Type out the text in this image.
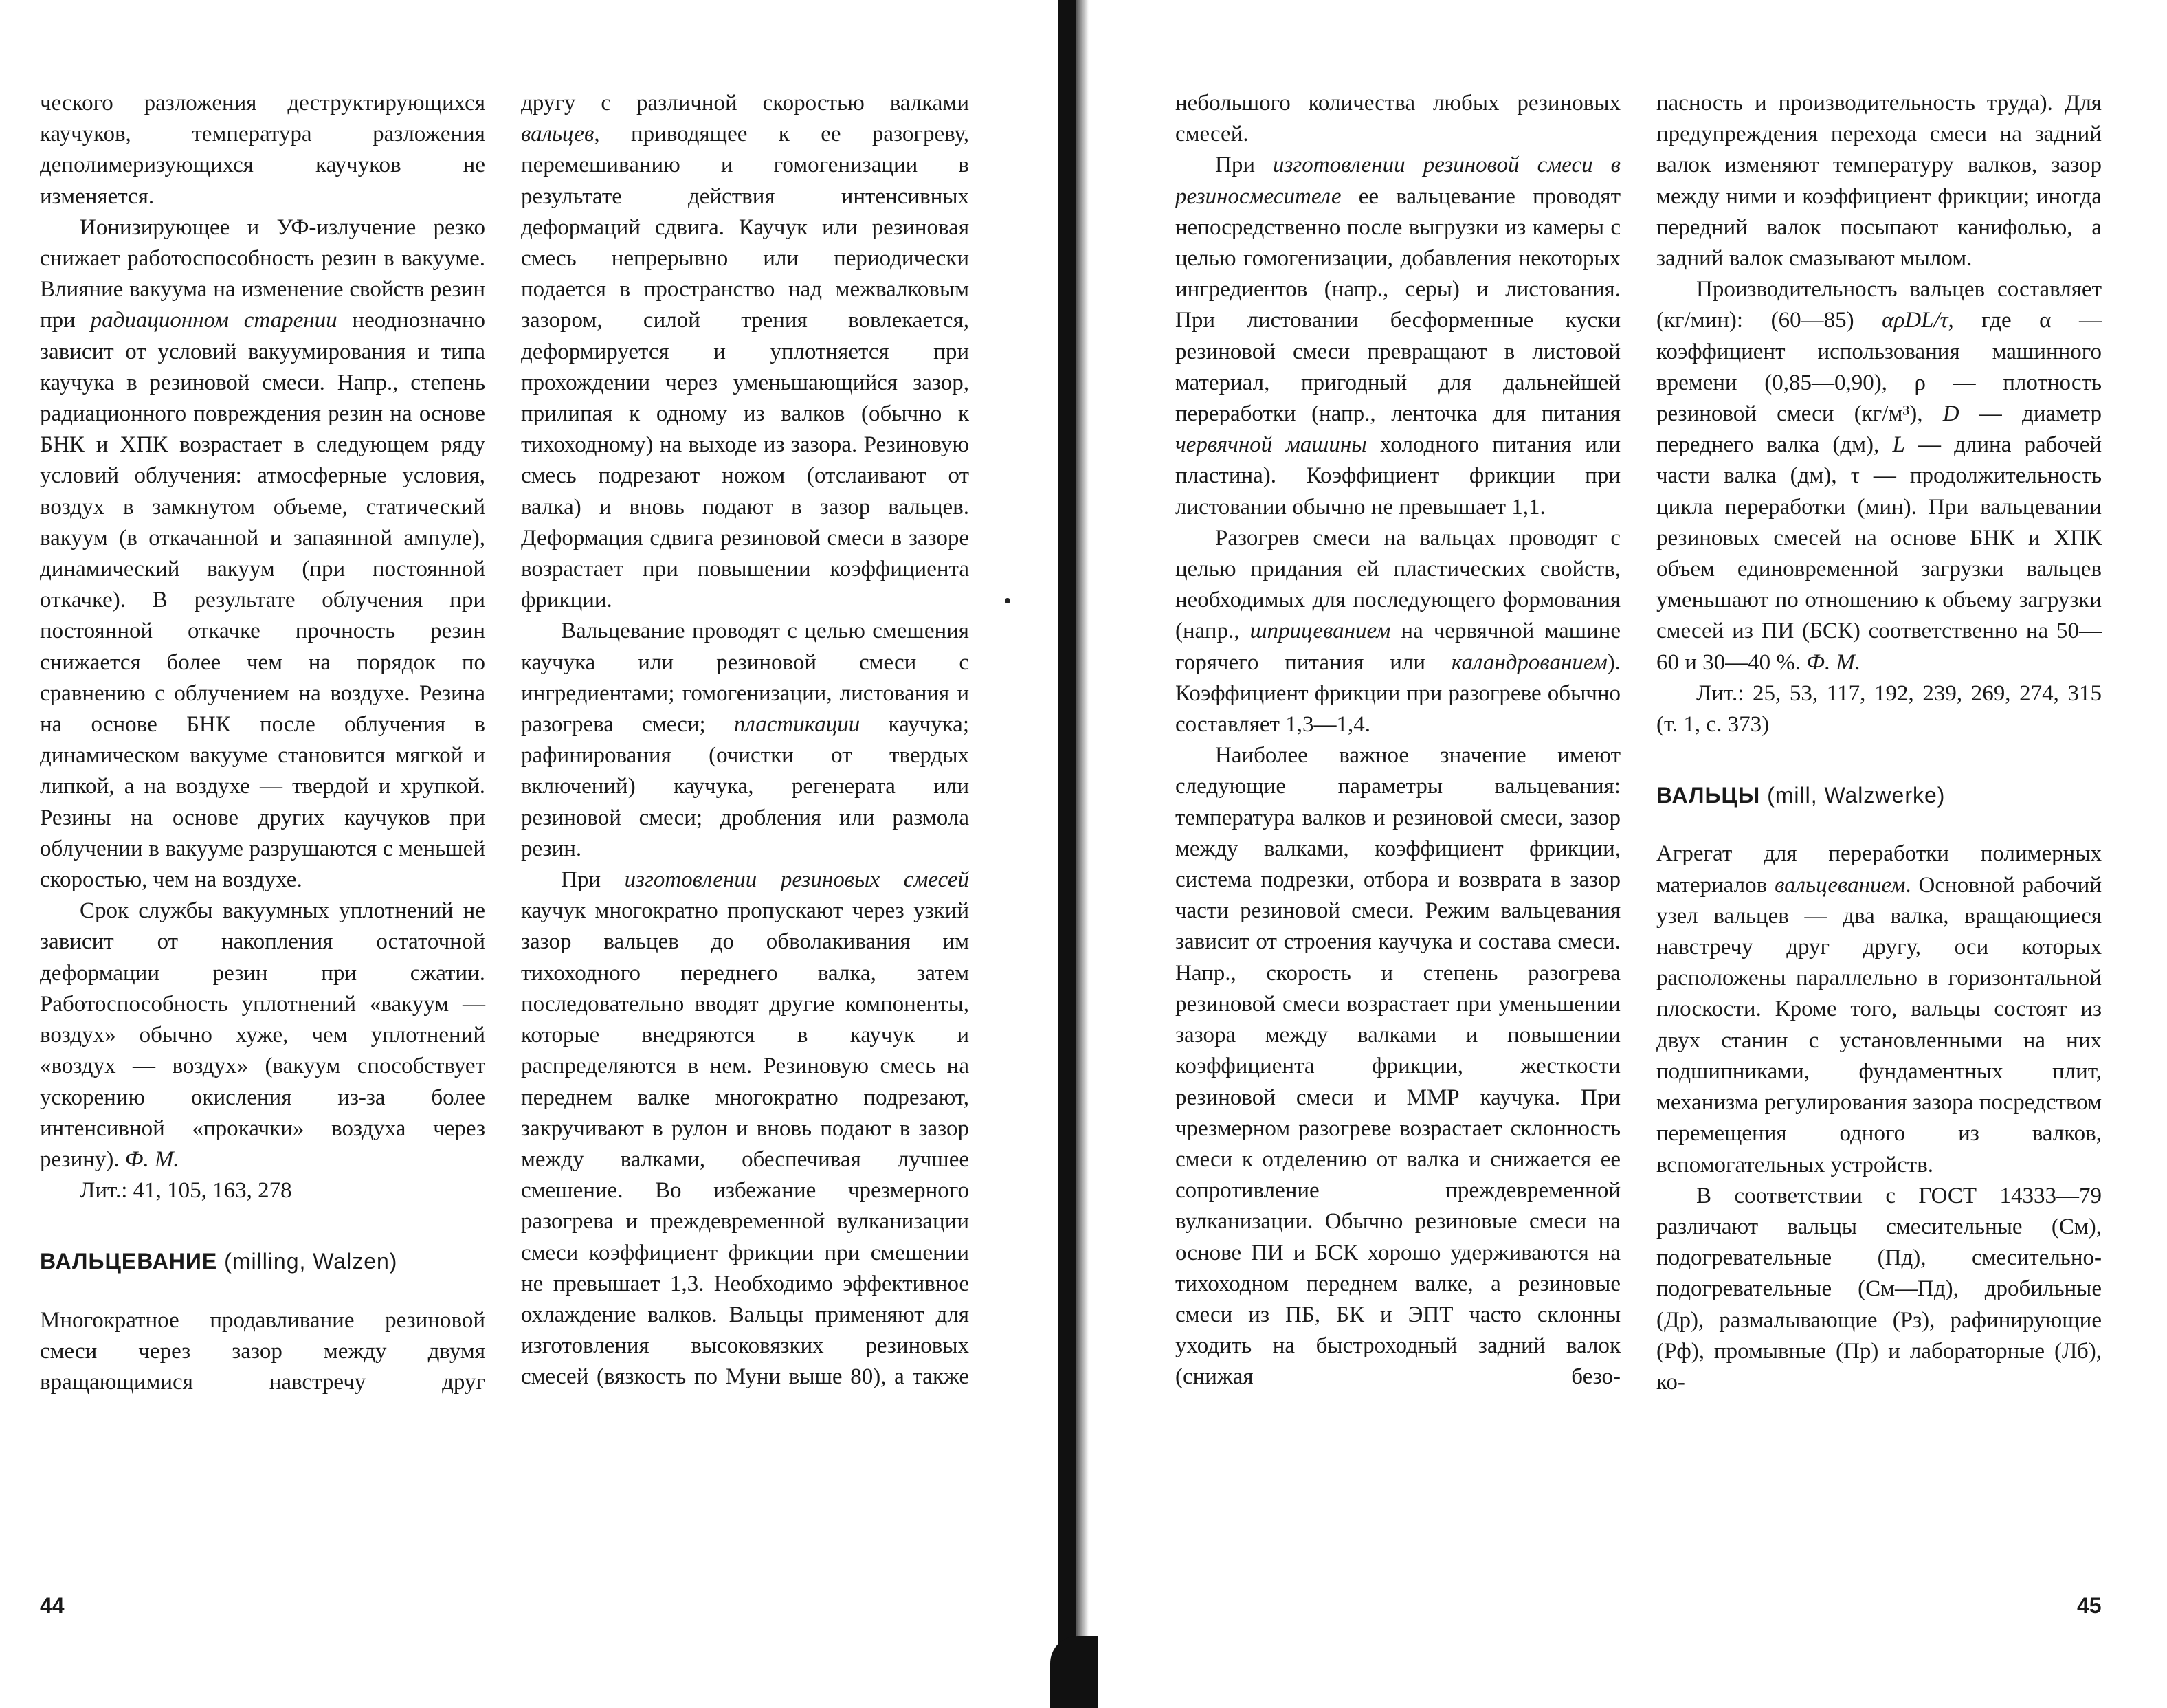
ческого разложения деструктирующихся каучуков, температура разложения деполимеризующихся каучуков не изменяется.

Ионизирующее и УФ-излучение резко снижает работоспособность резин в вакууме. Влияние вакуума на изменение свойств резин при радиационном старении неоднозначно зависит от условий вакуумирования и типа каучука в резиновой смеси. Напр., степень радиационного повреждения резин на основе БНК и ХПК возрастает в следующем ряду условий облучения: атмосферные условия, воздух в замкнутом объеме, статический вакуум (в откачанной и запаянной ампуле), динамический вакуум (при постоянной откачке). В результате облучения при постоянной откачке прочность резин снижается более чем на порядок по сравнению с облучением на воздухе. Резина на основе БНК после облучения в динамическом вакууме становится мягкой и липкой, а на воздухе — твердой и хрупкой. Резины на основе других каучуков при облучении в вакууме разрушаются с меньшей скоростью, чем на воздухе.

Срок службы вакуумных уплотнений не зависит от накопления остаточной деформации резин при сжатии. Работоспособность уплотнений «вакуум — воздух» обычно хуже, чем уплотнений «воздух — воздух» (вакуум способствует ускорению окисления из-за более интенсивной «прокачки» воздуха через резину). Ф. М.

Лит.: 41, 105, 163, 278

ВАЛЬЦЕВАНИЕ (milling, Walzen)

Многократное продавливание резиновой смеси через зазор между двумя вращающимися навстречу друг

другу с различной скоростью валками вальцев, приводящее к ее разогреву, перемешиванию и гомогенизации в результате действия интенсивных деформаций сдвига. Каучук или резиновая смесь непрерывно или периодически подается в пространство над межвалковым зазором, силой трения вовлекается, деформируется и уплотняется при прохождении через уменьшающийся зазор, прилипая к одному из валков (обычно к тихоходному) на выходе из зазора. Резиновую смесь подрезают ножом (отслаивают от валка) и вновь подают в зазор вальцев. Деформация сдвига резиновой смеси в зазоре возрастает при повышении коэффициента фрикции.

Вальцевание проводят с целью смешения каучука или резиновой смеси с ингредиентами; гомогенизации, листования и разогрева смеси; пластикации каучука; рафинирования (очистки от твердых включений) каучука, регенерата или резиновой смеси; дробления или размола резин.

При изготовлении резиновых смесей каучук многократно пропускают через узкий зазор вальцев до обволакивания им тихоходного переднего валка, затем последовательно вводят другие компоненты, которые внедряются в каучук и распределяются в нем. Резиновую смесь на переднем валке многократно подрезают, закручивают в рулон и вновь подают в зазор между валками, обеспечивая лучшее смешение. Во избежание чрезмерного разогрева и преждевременной вулканизации смеси коэффициент фрикции при смешении не превышает 1,3. Необходимо эффективное охлаждение валков. Вальцы применяют для изготовления высоковязких резиновых смесей (вязкость по Муни выше 80), а также

небольшого количества любых резиновых смесей.

При изготовлении резиновой смеси в резиносмесителе ее вальцевание проводят непосредственно после выгрузки из камеры с целью гомогенизации, добавления некоторых ингредиентов (напр., серы) и листования. При листовании бесформенные куски резиновой смеси превращают в листовой материал, пригодный для дальнейшей переработки (напр., ленточка для питания червячной машины холодного питания или пластина). Коэффициент фрикции при листовании обычно не превышает 1,1.

Разогрев смеси на вальцах проводят с целью придания ей пластических свойств, необходимых для последующего формования (напр., шприцеванием на червячной машине горячего питания или каландрованием). Коэффициент фрикции при разогреве обычно составляет 1,3—1,4.

Наиболее важное значение имеют следующие параметры вальцевания: температура валков и резиновой смеси, зазор между валками, коэффициент фрикции, система подрезки, отбора и возврата в зазор части резиновой смеси. Режим вальцевания зависит от строения каучука и состава смеси. Напр., скорость и степень разогрева резиновой смеси возрастает при уменьшении зазора между валками и повышении коэффициента фрикции, жесткости резиновой смеси и ММР каучука. При чрезмерном разогреве возрастает склонность смеси к отделению от валка и снижается ее сопротивление преждевременной вулканизации. Обычно резиновые смеси на основе ПИ и БСК хорошо удерживаются на тихоходном переднем валке, а резиновые смеси из ПБ, БК и ЭПТ часто склонны уходить на быстроходный задний валок (снижая безо-

пасность и производительность труда). Для предупреждения перехода смеси на задний валок изменяют температуру валков, зазор между ними и коэффициент фрикции; иногда передний валок посыпают канифолью, а задний валок смазывают мылом.

Производительность вальцев составляет (кг/мин): (60—85) αρDL/τ, где α — коэффициент использования машинного времени (0,85—0,90), ρ — плотность резиновой смеси (кг/м³), D — диаметр переднего валка (дм), L — длина рабочей части валка (дм), τ — продолжительность цикла переработки (мин). При вальцевании резиновых смесей на основе БНК и ХПК объем единовременной загрузки вальцев уменьшают по отношению к объему загрузки смесей из ПИ (БСК) соответственно на 50—60 и 30—40 %. Ф. М.

Лит.: 25, 53, 117, 192, 239, 269, 274, 315 (т. 1, с. 373)

ВАЛЬЦЫ (mill, Walzwerke)

Агрегат для переработки полимерных материалов вальцеванием. Основной рабочий узел вальцев — два валка, вращающиеся навстречу друг другу, оси которых расположены параллельно в горизонтальной плоскости. Кроме того, вальцы состоят из двух станин с установленными на них подшипниками, фундаментных плит, механизма регулирования зазора посредством перемещения одного из валков, вспомогательных устройств.

В соответствии с ГОСТ 14333—79 различают вальцы смесительные (См), подогревательные (Пд), смесительно-подогревательные (См—Пд), дробильные (Др), размалывающие (Рз), рафинирующие (Рф), промывные (Пр) и лабораторные (Лб), ко-

44	45
